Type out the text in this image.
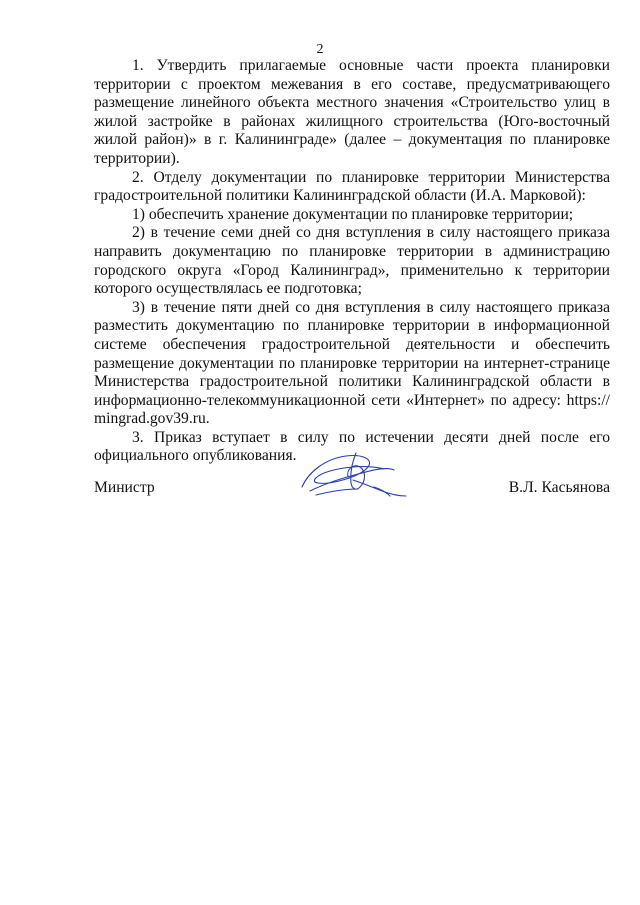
2

1. Утвердить прилагаемые основные части проекта планировки территории с проектом межевания в его составе, предусматривающего размещение линейного объекта местного значения «Строительство улиц в жилой застройке в районах жилищного строительства (Юго-восточный жилой район)» в г. Калининграде» (далее – документация по планировке территории).

2. Отделу документации по планировке территории Министерства градостроительной политики Калининградской области (И.А. Марковой):

1) обеспечить хранение документации по планировке территории;

2) в течение семи дней со дня вступления в силу настоящего приказа направить документацию по планировке территории в администрацию городского округа «Город Калининград», применительно к территории которого осуществлялась ее подготовка;

3) в течение пяти дней со дня вступления в силу настоящего приказа разместить документацию по планировке территории в информационной системе обеспечения градостроительной деятельности и обеспечить размещение документации по планировке территории на интернет-странице Министерства градостроительной политики Калининградской области в информационно-телекоммуникационной сети «Интернет» по адресу: https:// mingrad.gov39.ru.

3. Приказ вступает в силу по истечении десяти дней после его официального опубликования.

Министр	В.Л. Касьянова
